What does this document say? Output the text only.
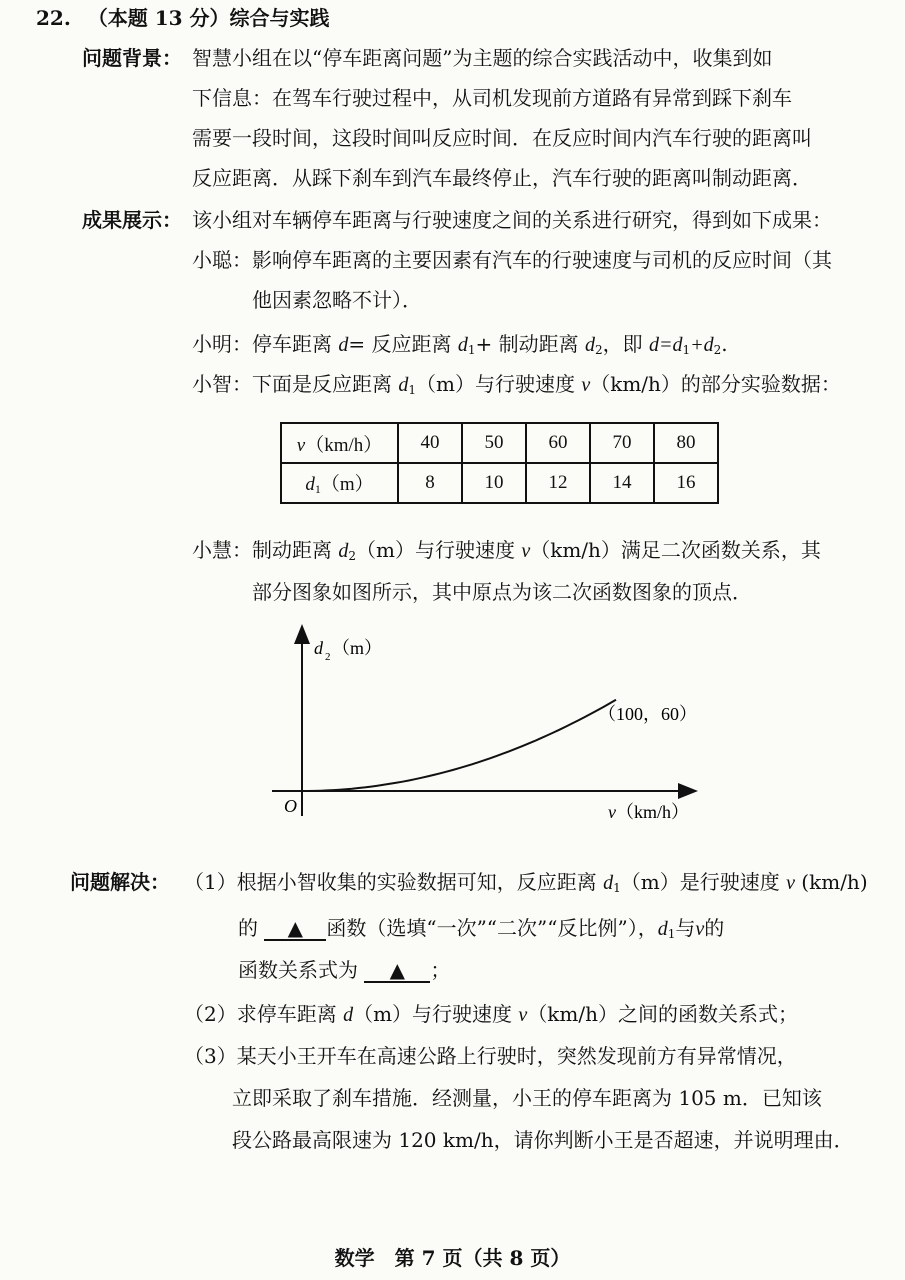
22. （本题 13 分）综合与实践
问题背景： 智慧小组在以“停车距离问题”为主题的综合实践活动中，收集到如
下信息：在驾车行驶过程中，从司机发现前方道路有异常到踩下刹车
需要一段时间，这段时间叫反应时间．在反应时间内汽车行驶的距离叫
反应距离．从踩下刹车到汽车最终停止，汽车行驶的距离叫制动距离．
成果展示： 该小组对车辆停车距离与行驶速度之间的关系进行研究，得到如下成果：
小聪：影响停车距离的主要因素有汽车的行驶速度与司机的反应时间（其
他因素忽略不计）．
小明：停车距离 d= 反应距离 $d_1+$ 制动距离 $d_2$，即 $d=d_1+d_2$.
小智：下面是反应距离 $d_1(m)$与行驶速度 v（km/h）的部分实验数据：
v（km/h）	40	50	60	70	80
$d_1(m)$	8	10	12	14	16
小慧：制动距离 $d_2(m)$与行驶速度 v（km/h）满足二次函数关系，其
部分图象如图所示，其中原点为该二次函数图象的顶点．
d 2 （m）
v（km/h）
O
（100，60）
问题解决： （1）根据小智收集的实验数据可知，反应距离 $d_1(m)$是行驶速度 v (km/h)
的 ▲ 函数（选填“一次”“二次”“反比例”），$d_1$与v的
函数关系式为 ▲ ；
（2）求停车距离 d（m）与行驶速度 v（km/h）之间的函数关系式；
（3）某天小王开车在高速公路上行驶时，突然发现前方有异常情况，
立即采取了刹车措施．经测量，小王的停车距离为 105 m．已知该
段公路最高限速为 120 km/h，请你判断小王是否超速，并说明理由．
数学　第 7 页（共 8 页）
